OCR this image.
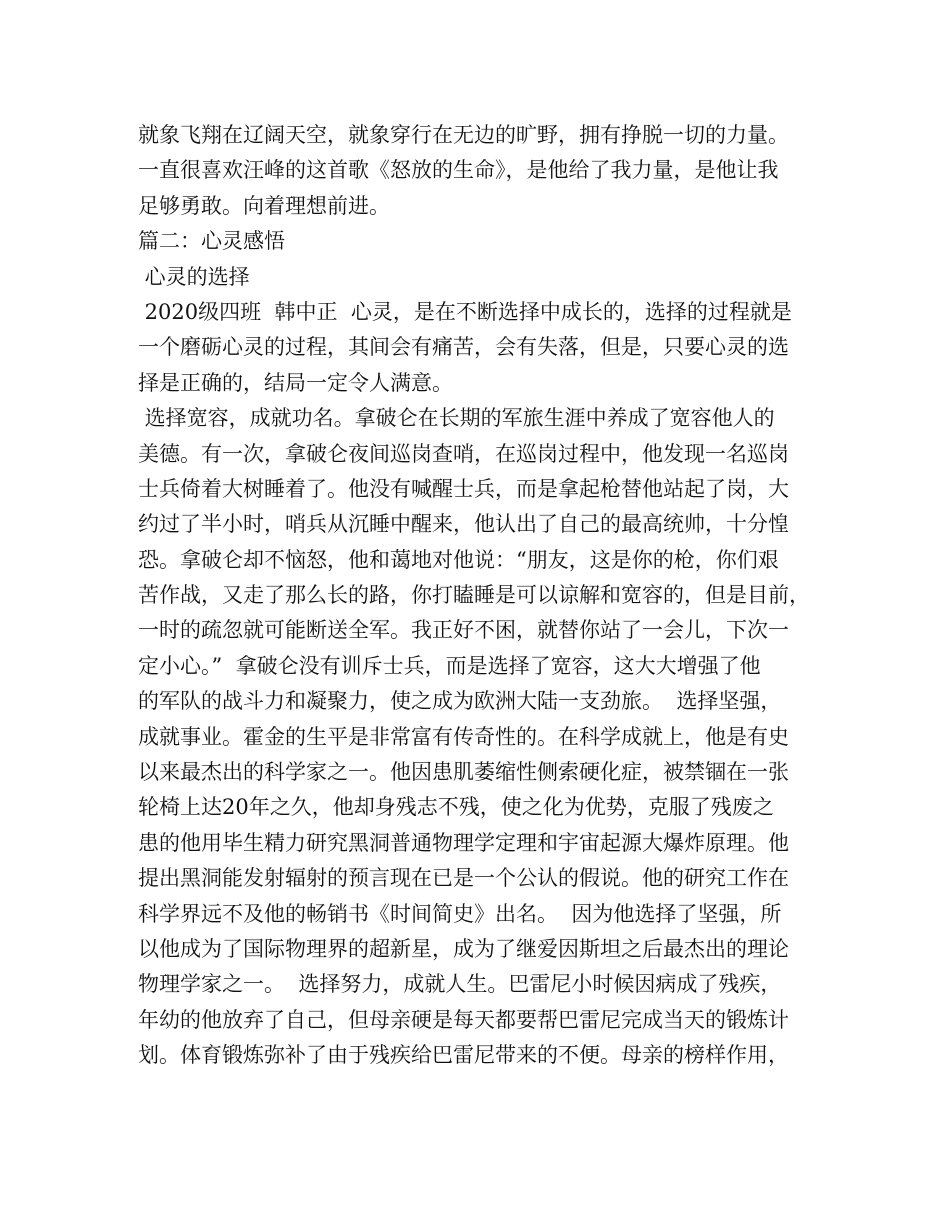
就象飞翔在辽阔天空，就象穿行在无边的旷野，拥有挣脱一切的力量。
一直很喜欢汪峰的这首歌《怒放的生命》，是他给了我力量，是他让我
足够勇敢。向着理想前进。
篇二：心灵感悟
心灵的选择
2020级四班  韩中正  心灵，是在不断选择中成长的，选择的过程就是
一个磨砺心灵的过程，其间会有痛苦，会有失落，但是，只要心灵的选
择是正确的，结局一定令人满意。
选择宽容，成就功名。拿破仑在长期的军旅生涯中养成了宽容他人的
美德。有一次，拿破仑夜间巡岗查哨，在巡岗过程中，他发现一名巡岗
士兵倚着大树睡着了。他没有喊醒士兵，而是拿起枪替他站起了岗，大
约过了半小时，哨兵从沉睡中醒来，他认出了自己的最高统帅，十分惶
恐。拿破仑却不恼怒，他和蔼地对他说：“朋友，这是你的枪，你们艰
苦作战，又走了那么长的路，你打瞌睡是可以谅解和宽容的，但是目前，
一时的疏忽就可能断送全军。我正好不困，就替你站了一会儿，下次一
定小心。”  拿破仑没有训斥士兵，而是选择了宽容，这大大增强了他
的军队的战斗力和凝聚力，使之成为欧洲大陆一支劲旅。  选择坚强，
成就事业。霍金的生平是非常富有传奇性的。在科学成就上，他是有史
以来最杰出的科学家之一。他因患肌萎缩性侧索硬化症，被禁锢在一张
轮椅上达20年之久，他却身残志不残，使之化为优势，克服了残废之
患的他用毕生精力研究黑洞普通物理学定理和宇宙起源大爆炸原理。他
提出黑洞能发射辐射的预言现在已是一个公认的假说。他的研究工作在
科学界远不及他的畅销书《时间简史》出名。  因为他选择了坚强，所
以他成为了国际物理界的超新星，成为了继爱因斯坦之后最杰出的理论
物理学家之一。  选择努力，成就人生。巴雷尼小时候因病成了残疾，
年幼的他放弃了自己，但母亲硬是每天都要帮巴雷尼完成当天的锻炼计
划。体育锻炼弥补了由于残疾给巴雷尼带来的不便。母亲的榜样作用，
